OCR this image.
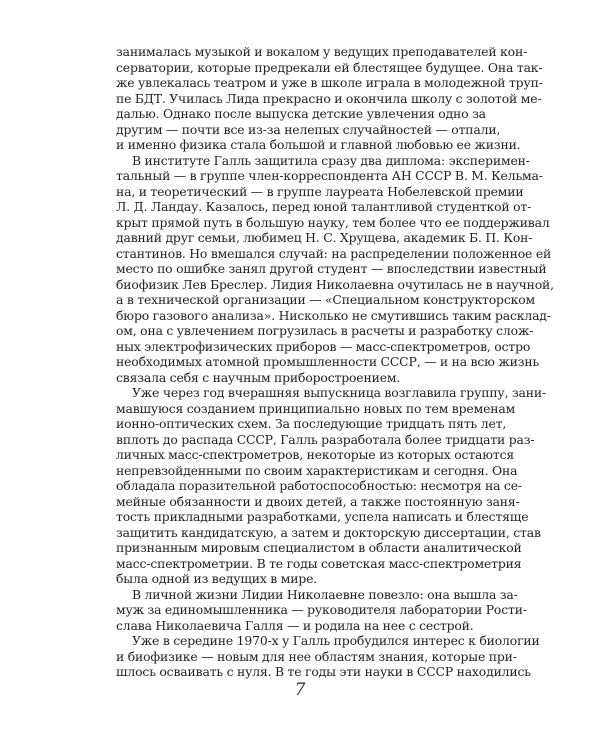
занималась музыкой и вокалом у ведущих преподавателей кон-
серватории, которые предрекали ей блестящее будущее. Она так-
же увлекалась театром и уже в школе играла в молодежной труп-
пе БДТ. Училась Лида прекрасно и окончила школу с золотой ме-
далью. Однако после выпуска детские увлечения одно за
другим — почти все из-за нелепых случайностей — отпали,
и именно физика стала большой и главной любовью ее жизни.
В институте Галль защитила сразу два диплома: эксперимен-
тальный — в группе член-корреспондента АН СССР В. М. Кельма-
на, и теоретический — в группе лауреата Нобелевской премии
Л. Д. Ландау. Казалось, перед юной талантливой студенткой от-
крыт прямой путь в большую науку, тем более что ее поддерживал
давний друг семьи, любимец Н. С. Хрущева, академик Б. П. Кон-
стантинов. Но вмешался случай: на распределении положенное ей
место по ошибке занял другой студент — впоследствии известный
биофизик Лев Бреслер. Лидия Николаевна очутилась не в научной,
а в технической организации — «Специальном конструкторском
бюро газового анализа». Нисколько не смутившись таким расклад-
ом, она с увлечением погрузилась в расчеты и разработку слож-
ных электрофизических приборов — масс-спектрометров, остро
необходимых атомной промышленности СССР, — и на всю жизнь
связала себя с научным приборостроением.
Уже через год вчерашняя выпускница возглавила группу, зани-
мавшуюся созданием принципиально новых по тем временам
ионно-оптических схем. За последующие тридцать пять лет,
вплоть до распада СССР, Галль разработала более тридцати раз-
личных масс-спектрометров, некоторые из которых остаются
непревзойденными по своим характеристикам и сегодня. Она
обладала поразительной работоспособностью: несмотря на се-
мейные обязанности и двоих детей, а также постоянную заня-
тость прикладными разработками, успела написать и блестяще
защитить кандидатскую, а затем и докторскую диссертации, став
признанным мировым специалистом в области аналитической
масс-спектрометрии. В те годы советская масс-спектрометрия
была одной из ведущих в мире.
В личной жизни Лидии Николаевне повезло: она вышла за-
муж за единомышленника — руководителя лаборатории Рости-
слава Николаевича Галля — и родила на нее с сестрой.
Уже в середине 1970-х у Галль пробудился интерес к биологии
и биофизике — новым для нее областям знания, которые при-
шлось осваивать с нуля. В те годы эти науки в СССР находились
7
